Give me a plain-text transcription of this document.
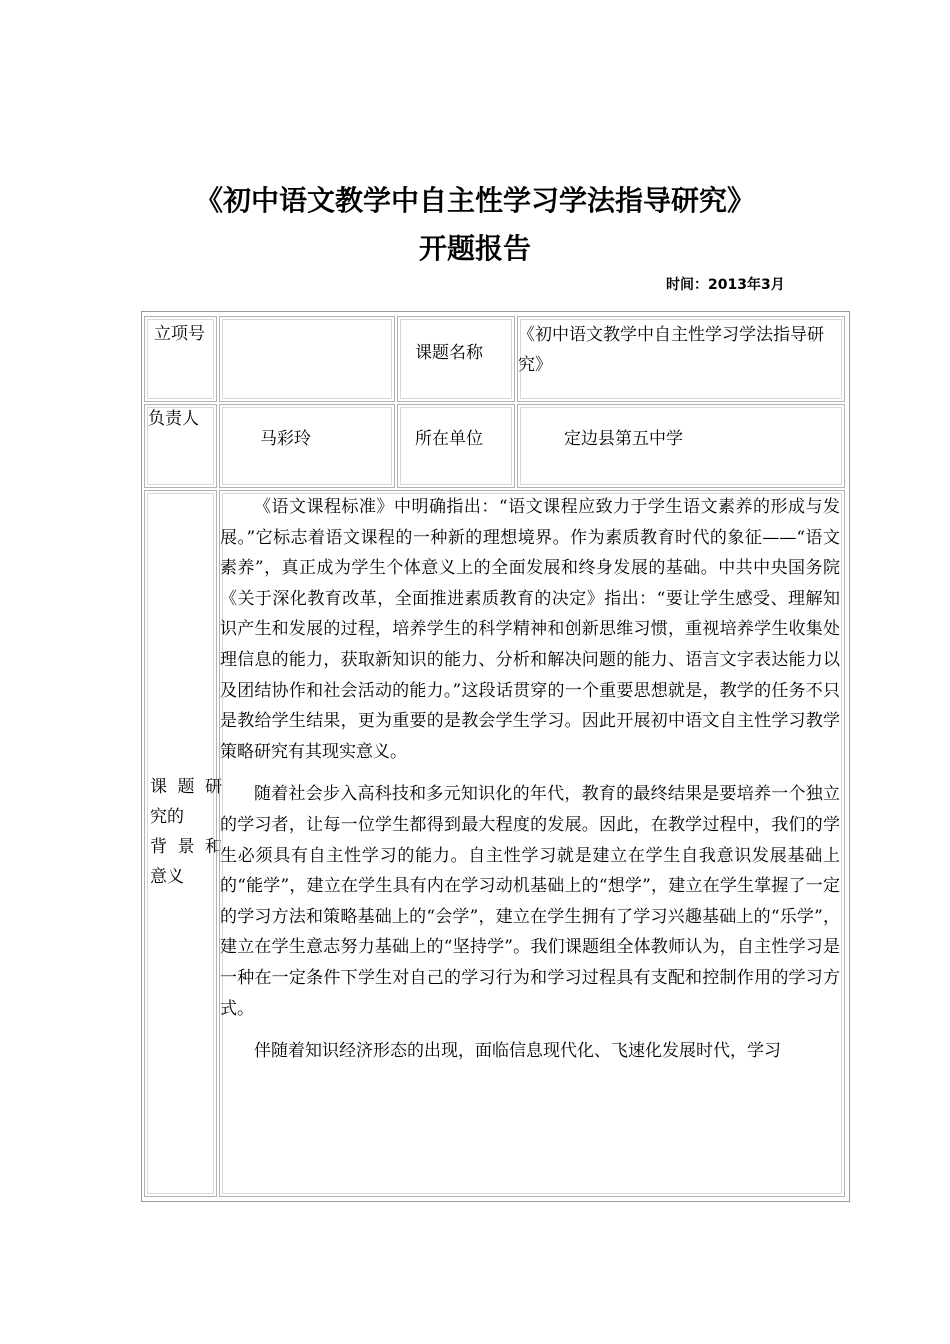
《初中语文教学中自主性学习学法指导研究》
开题报告
时间：2013年3月
立项号
课题名称
《初中语文教学中自主性学习学法指导研究》
负责人
马彩玲	所在单位	定边县第五中学
课 题 研
究的
背 景 和
意义

《语文课程标准》中明确指出：“语文课程应致力于学生语文素养的形成与发展。”它标志着语文课程的一种新的理想境界。作为素质教育时代的象征——“语文素养”，真正成为学生个体意义上的全面发展和终身发展的基础。中共中央国务院《关于深化教育改革，全面推进素质教育的决定》指出：“要让学生感受、理解知识产生和发展的过程，培养学生的科学精神和创新思维习惯，重视培养学生收集处理信息的能力，获取新知识的能力、分析和解决问题的能力、语言文字表达能力以及团结协作和社会活动的能力。”这段话贯穿的一个重要思想就是，教学的任务不只是教给学生结果，更为重要的是教会学生学习。因此开展初中语文自主性学习教学策略研究有其现实意义。

随着社会步入高科技和多元知识化的年代，教育的最终结果是要培养一个独立的学习者，让每一位学生都得到最大程度的发展。因此，在教学过程中，我们的学生必须具有自主性学习的能力。自主性学习就是建立在学生自我意识发展基础上的“能学”，建立在学生具有内在学习动机基础上的“想学”，建立在学生掌握了一定的学习方法和策略基础上的“会学”，建立在学生拥有了学习兴趣基础上的“乐学”，建立在学生意志努力基础上的“坚持学”。我们课题组全体教师认为，自主性学习是一种在一定条件下学生对自己的学习行为和学习过程具有支配和控制作用的学习方式。

伴随着知识经济形态的出现，面临信息现代化、飞速化发展时代，学习
